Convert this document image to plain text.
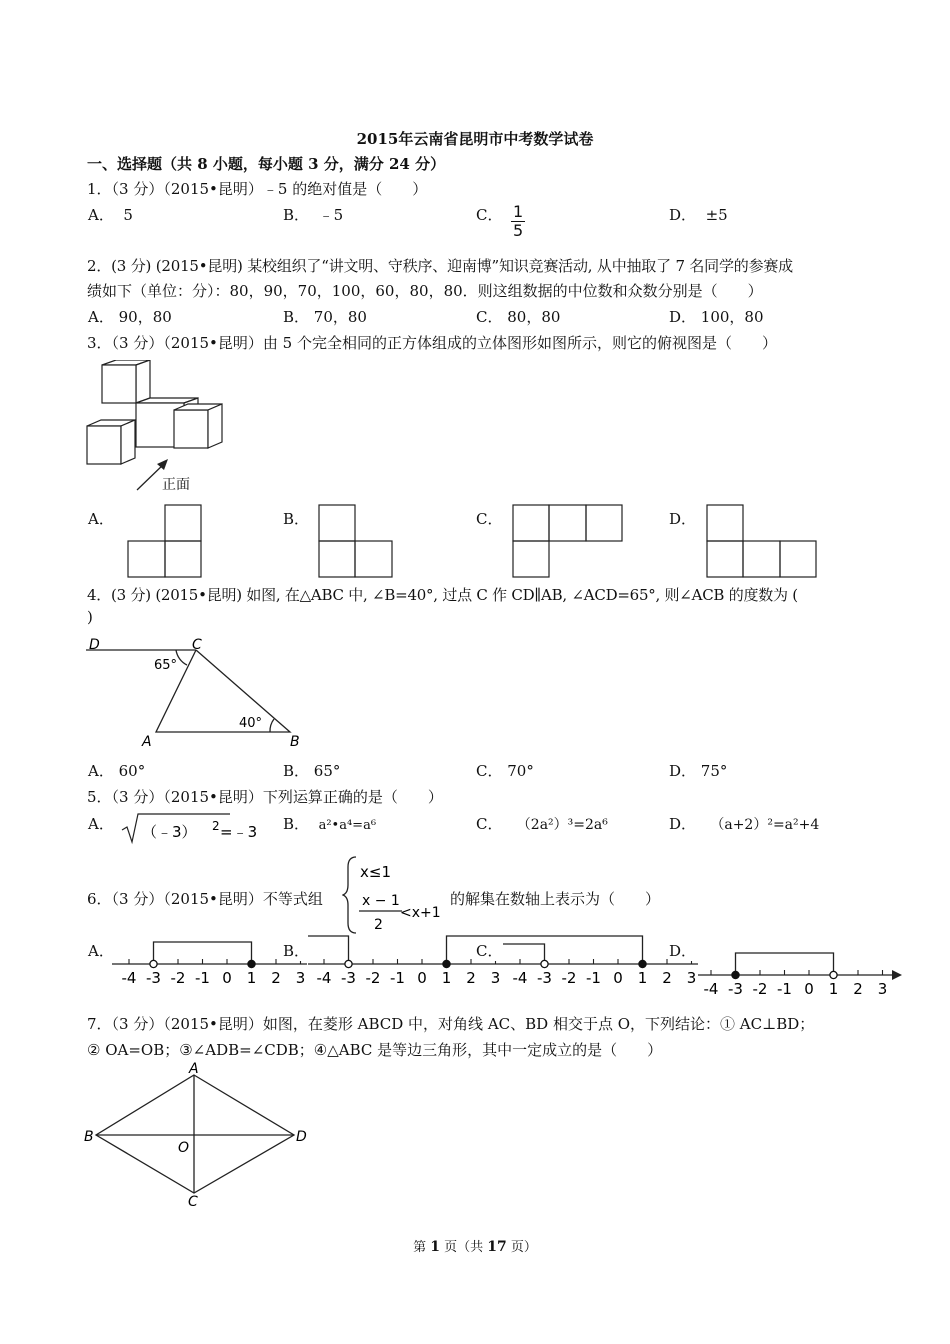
2015年云南省昆明市中考数学试卷
一、选择题（共 8 小题，每小题 3 分，满分 24 分）
1．（3 分）（2015•昆明）﹣5 的绝对值是（　　）
A． 5	B． ﹣5	C． $\frac{1}{5}$	D． ±5
2．(3 分) (2015•昆明) 某校组织了“讲文明、守秩序、迎南博”知识竞赛活动, 从中抽取了 7 名同学的参赛成
绩如下（单位：分）：80，90，70，100，60，80，80．则这组数据的中位数和众数分别是（　　）
A． 90，80	B． 70，80	C． 80，80	D． 100，80
3．（3 分）（2015•昆明）由 5 个完全相同的正方体组成的立体图形如图所示，则它的俯视图是（　　）
正面
A．	B．	C．	D．
4．(3 分) (2015•昆明) 如图, 在△ABC 中, ∠B=40°, 过点 C 作 CD∥AB, ∠ACD=65°, 则∠ACB 的度数为 (
)
D	C
A	B
65°
40°
A． 60°	B． 65°	C． 70°	D． 75°
5．（3 分）（2015•昆明）下列运算正确的是（　　）
A． （﹣3） 2 =﹣3 B． a²•a⁴=a⁶	C． （2a²）³=2a⁶	D． （a+2）²=a²+4
6．（3 分）（2015•昆明）不等式组
x≤1
x − 1
2
<x+1
的解集在数轴上表示为（　　）
A．	B．	C．	D．
-4 -3 -2 -1 0 1 2 3 -4 -3 -2 -1 0 1 2 3 -4 -3 -2 -1 0 1 2 3
-4 -3 -2 -1 0 1 2 3
7．（3 分）（2015•昆明）如图，在菱形 ABCD 中，对角线 AC、BD 相交于点 O，下列结论：① AC⊥BD；
② OA=OB；③∠ADB=∠CDB；④△ABC 是等边三角形，其中一定成立的是（　　）
A
B
C
D
O
第 1 页（共 17 页）
